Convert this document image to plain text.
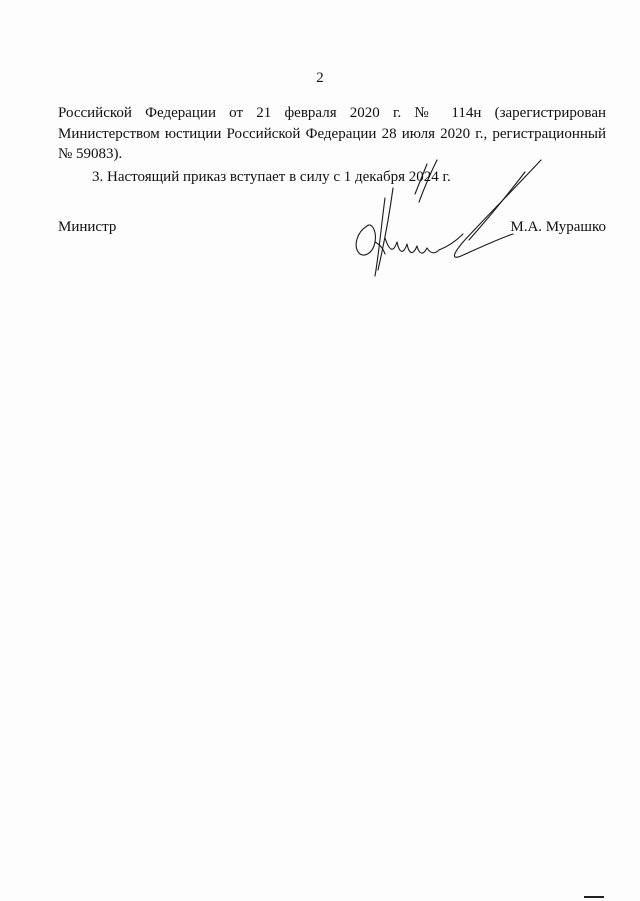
2

Российской Федерации от 21 февраля 2020 г. № 114н (зарегистрирован Министерством юстиции Российской Федерации 28 июля 2020 г., регистрационный № 59083).

3. Настоящий приказ вступает в силу с 1 декабря 2024 г.

Министр	М.А. Мурашко
